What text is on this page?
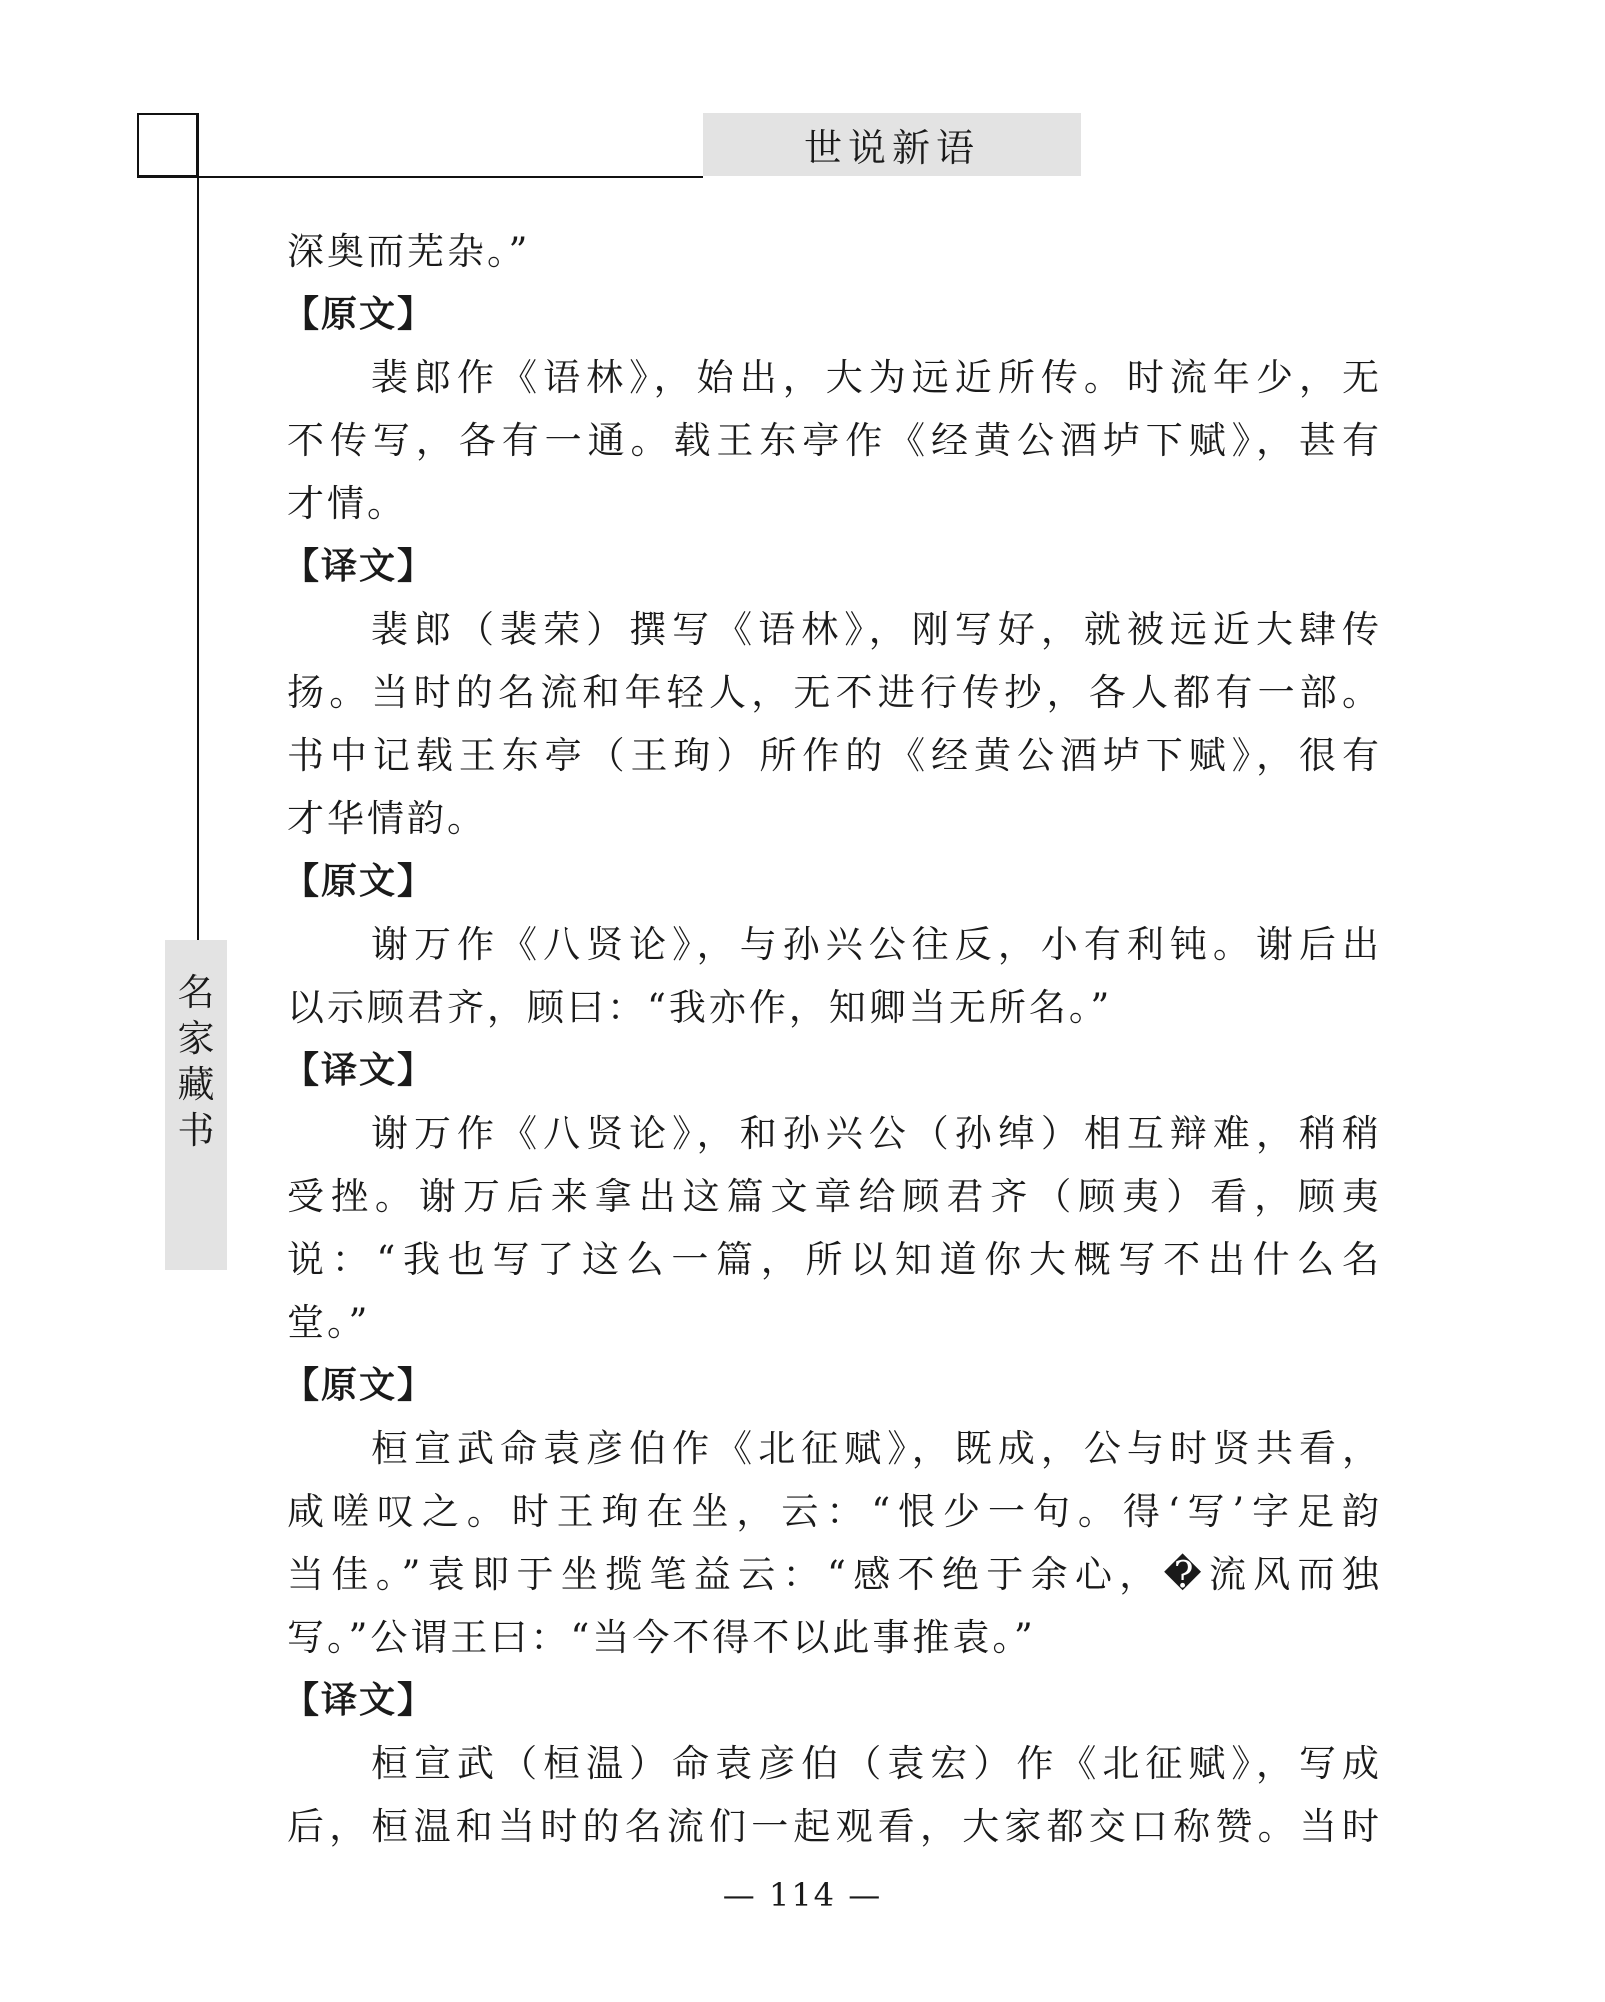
世说新语
名
家
藏
书
深奥而芜杂。”
【原文】
裴郎作《语林》，始出，大为远近所传。时流年少，无
不传写，各有一通。载王东亭作《经黄公酒垆下赋》，甚有
才情。
【译文】
裴郎（裴荣）撰写《语林》，刚写好，就被远近大肆传
扬。当时的名流和年轻人，无不进行传抄，各人都有一部。
书中记载王东亭（王珣）所作的《经黄公酒垆下赋》，很有
才华情韵。
【原文】
谢万作《八贤论》，与孙兴公往反，小有利钝。谢后出
以示顾君齐，顾曰：“我亦作，知卿当无所名。”
【译文】
谢万作《八贤论》，和孙兴公（孙绰）相互辩难，稍稍
受挫。谢万后来拿出这篇文章给顾君齐（顾夷）看，顾夷
说：“我也写了这么一篇，所以知道你大概写不出什么名
堂。”
【原文】
桓宣武命袁彦伯作《北征赋》，既成，公与时贤共看，
咸嗟叹之。时王珣在坐，云：“恨少一句。得‘写’字足韵
当佳。”袁即于坐揽笔益云：“感不绝于余心，�流风而独
写。”公谓王曰：“当今不得不以此事推袁。”
【译文】
桓宣武（桓温）命袁彦伯（袁宏）作《北征赋》，写成
后，桓温和当时的名流们一起观看，大家都交口称赞。当时
— 114 —
